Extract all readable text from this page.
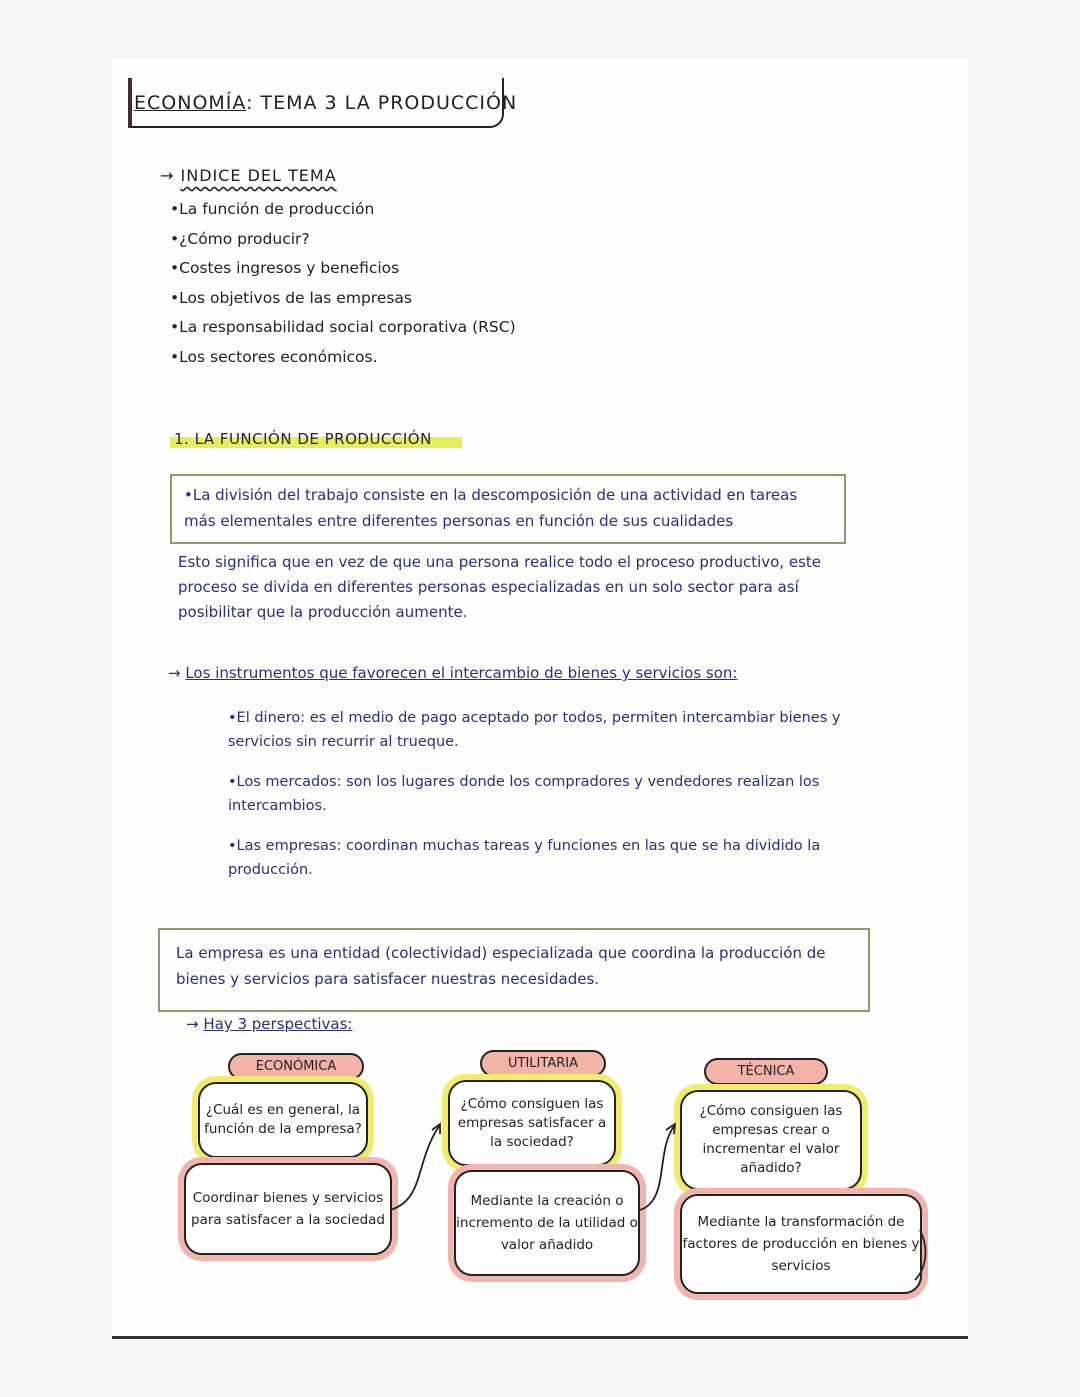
ECONOMÍA: TEMA 3 LA PRODUCCIÓN
→ INDICE DEL TEMA
•La función de producción
•¿Cómo producir?
•Costes ingresos y beneficios
•Los objetivos de las empresas
•La responsabilidad social corporativa (RSC)
•Los sectores económicos.
1. LA FUNCIÓN DE PRODUCCIÓN

•La división del trabajo consiste en la descomposición de una actividad en tareas más elementales entre diferentes personas en función de sus cualidades

Esto significa que en vez de que una persona realice todo el proceso productivo, este proceso se divida en diferentes personas especializadas en un solo sector para así posibilitar que la producción aumente.
→ Los instrumentos que favorecen el intercambio de bienes y servicios son:
•El dinero: es el medio de pago aceptado por todos, permiten intercambiar bienes y servicios sin recurrir al trueque.
•Los mercados: son los lugares donde los compradores y vendedores realizan los intercambios.
•Las empresas: coordinan muchas tareas y funciones en las que se ha dividido la producción.

La empresa es una entidad (colectividad) especializada que coordina la producción de bienes y servicios para satisfacer nuestras necesidades.

→ Hay 3 perspectivas:
ECONÓMICA
¿Cuál es en general, la función de la empresa?
Coordinar bienes y servicios para satisfacer a la sociedad
UTILITARIA
¿Cómo consiguen las empresas satisfacer a la sociedad?
Mediante la creación o incremento de la utilidad o valor añadido
TÉCNICA
¿Cómo consiguen las empresas crear o incrementar el valor añadido?
Mediante la transformación de factores de producción en bienes y servicios
